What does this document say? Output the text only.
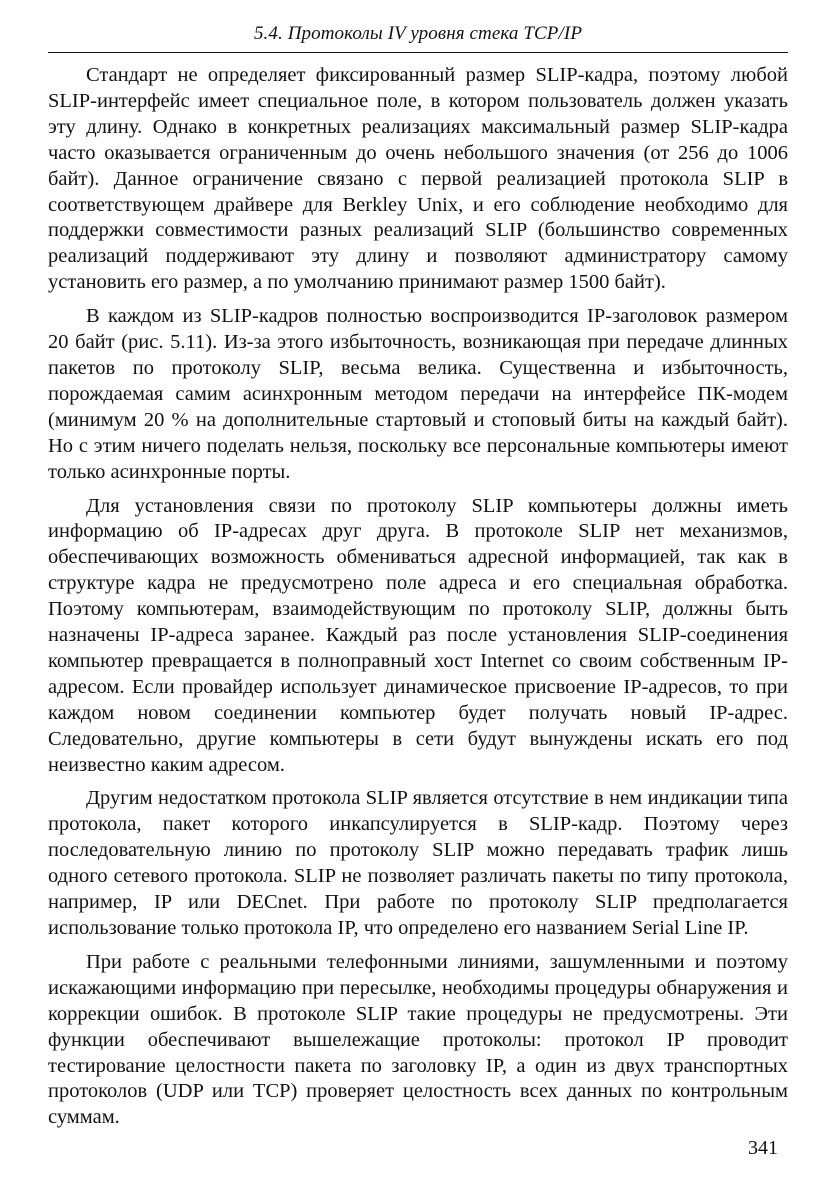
5.4. Протоколы IV уровня стека TCP/IP

Стандарт не определяет фиксированный размер SLIP-кадра, поэтому любой SLIP-интерфейс имеет специальное поле, в котором пользователь должен указать эту длину. Однако в конкретных реализациях максимальный размер SLIP-кадра часто оказывается ограниченным до очень небольшого значения (от 256 до 1006 байт). Данное ограничение связано с первой реализацией протокола SLIP в соответствующем драйвере для Berkley Unix, и его соблюдение необходимо для поддержки совместимости разных реализаций SLIP (большинство современных реализаций поддерживают эту длину и позволяют администратору самому установить его размер, а по умолчанию принимают размер 1500 байт).

В каждом из SLIP-кадров полностью воспроизводится IP-заголовок размером 20 байт (рис. 5.11). Из-за этого избыточность, возникающая при передаче длинных пакетов по протоколу SLIP, весьма велика. Существенна и избыточность, порождаемая самим асинхронным методом передачи на интерфейсе ПК-модем (минимум 20 % на дополнительные стартовый и стоповый биты на каждый байт). Но с этим ничего поделать нельзя, поскольку все персональные компьютеры имеют только асинхронные порты.

Для установления связи по протоколу SLIP компьютеры должны иметь информацию об IP-адресах друг друга. В протоколе SLIP нет механизмов, обеспечивающих возможность обмениваться адресной информацией, так как в структуре кадра не предусмотрено поле адреса и его специальная обработка. Поэтому компьютерам, взаимодействующим по протоколу SLIP, должны быть назначены IP-адреса заранее. Каждый раз после установления SLIP-соединения компьютер превращается в полноправный хост Internet со своим собственным IP-адресом. Если провайдер использует динамическое присвоение IP-адресов, то при каждом новом соединении компьютер будет получать новый IP-адрес. Следовательно, другие компьютеры в сети будут вынуждены искать его под неизвестно каким адресом.

Другим недостатком протокола SLIP является отсутствие в нем индикации типа протокола, пакет которого инкапсулируется в SLIP-кадр. Поэтому через последовательную линию по протоколу SLIP можно передавать трафик лишь одного сетевого протокола. SLIP не позволяет различать пакеты по типу протокола, например, IP или DECnet. При работе по протоколу SLIP предполагается использование только протокола IP, что определено его названием Serial Line IP.

При работе с реальными телефонными линиями, зашумленными и поэтому искажающими информацию при пересылке, необходимы процедуры обнаружения и коррекции ошибок. В протоколе SLIP такие процедуры не предусмотрены. Эти функции обеспечивают вышележащие протоколы: протокол IP проводит тестирование целостности пакета по заголовку IP, а один из двух транспортных протоколов (UDP или TCP) проверяет целостность всех данных по контрольным суммам.

341
